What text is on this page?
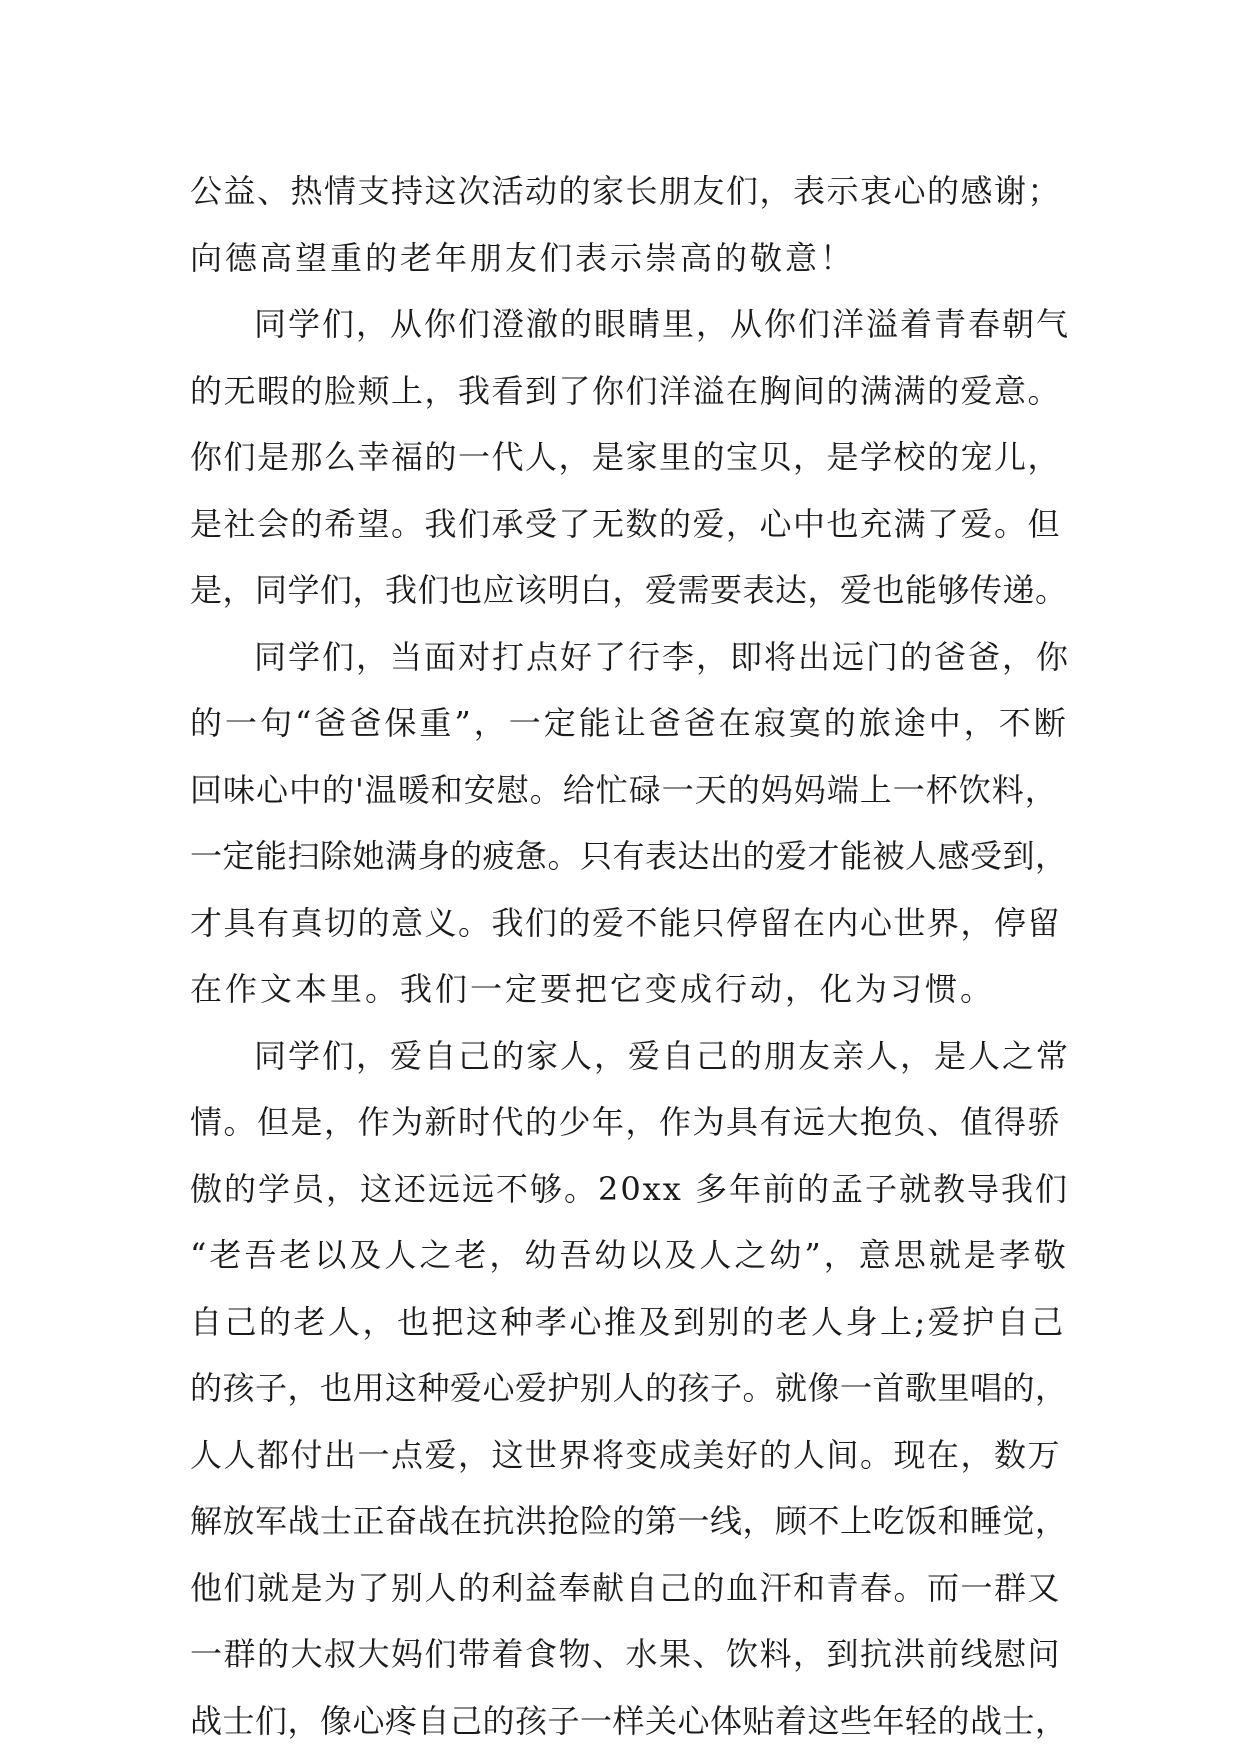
公益、热情支持这次活动的家长朋友们，表示衷心的感谢；
向德高望重的老年朋友们表示崇高的敬意！
同学们，从你们澄澈的眼睛里，从你们洋溢着青春朝气
的无暇的脸颊上，我看到了你们洋溢在胸间的满满的爱意。
你们是那么幸福的一代人，是家里的宝贝，是学校的宠儿，
是社会的希望。我们承受了无数的爱，心中也充满了爱。但
是，同学们，我们也应该明白，爱需要表达，爱也能够传递。
同学们，当面对打点好了行李，即将出远门的爸爸，你
的一句“爸爸保重”，一定能让爸爸在寂寞的旅途中，不断
回味心中的'温暖和安慰。给忙碌一天的妈妈端上一杯饮料，
一定能扫除她满身的疲惫。只有表达出的爱才能被人感受到，
才具有真切的意义。我们的爱不能只停留在内心世界，停留
在作文本里。我们一定要把它变成行动，化为习惯。
同学们，爱自己的家人，爱自己的朋友亲人，是人之常
情。但是，作为新时代的少年，作为具有远大抱负、值得骄
傲的学员，这还远远不够。20xx 多年前的孟子就教导我们
“老吾老以及人之老，幼吾幼以及人之幼”，意思就是孝敬
自己的老人，也把这种孝心推及到别的老人身上;爱护自己
的孩子，也用这种爱心爱护别人的孩子。就像一首歌里唱的，
人人都付出一点爱，这世界将变成美好的人间。现在，数万
解放军战士正奋战在抗洪抢险的第一线，顾不上吃饭和睡觉，
他们就是为了别人的利益奉献自己的血汗和青春。而一群又
一群的大叔大妈们带着食物、水果、饮料，到抗洪前线慰问
战士们，像心疼自己的孩子一样关心体贴着这些年轻的战士，
